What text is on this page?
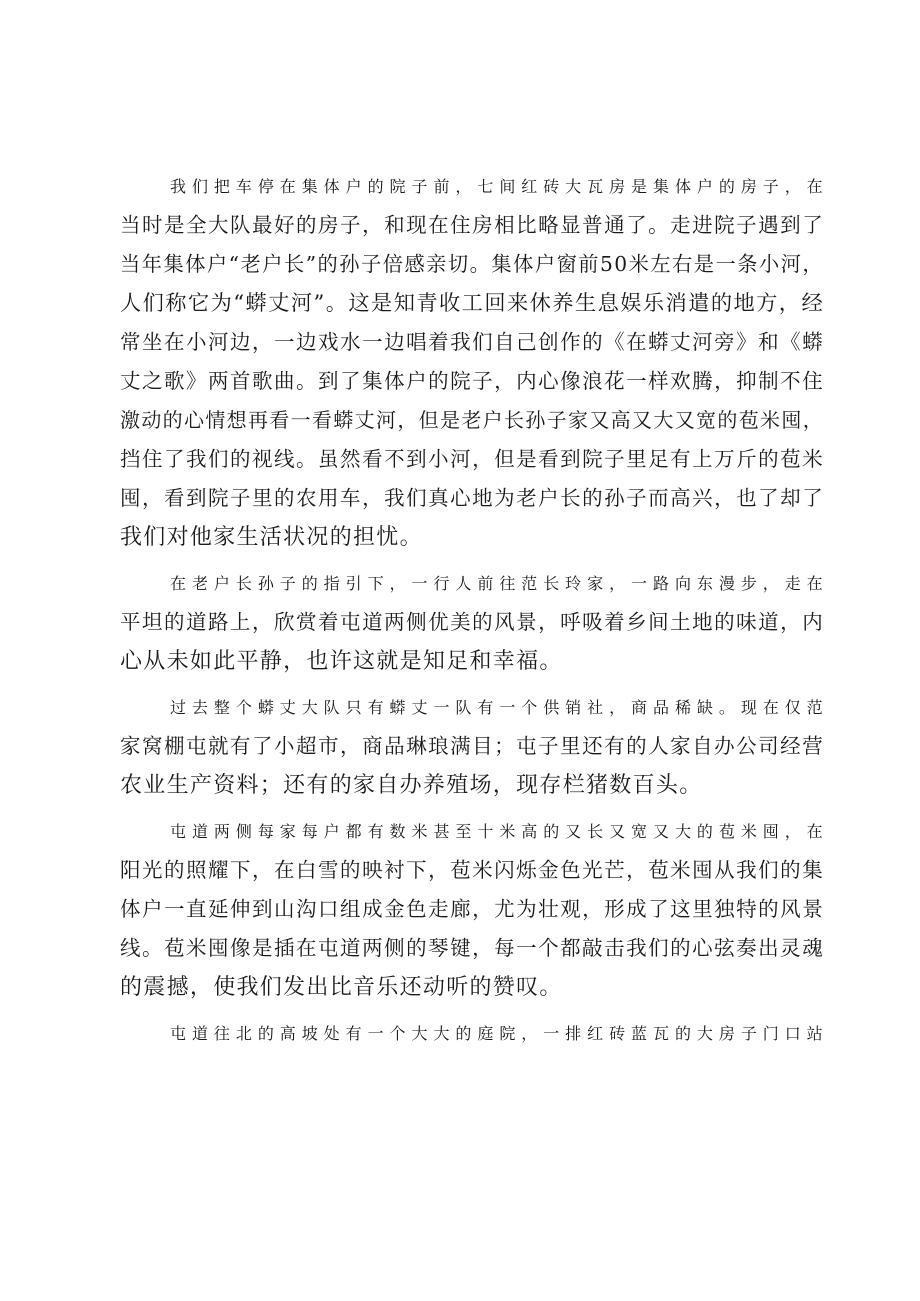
我们把车停在集体户的院子前，七间红砖大瓦房是集体户的房子，在
当时是全大队最好的房子，和现在住房相比略显普通了。走进院子遇到了
当年集体户“老户长”的孙子倍感亲切。集体户窗前50米左右是一条小河，
人们称它为“蟒丈河”。这是知青收工回来休养生息娱乐消遣的地方，经
常坐在小河边，一边戏水一边唱着我们自己创作的《在蟒丈河旁》和《蟒
丈之歌》两首歌曲。到了集体户的院子，内心像浪花一样欢腾，抑制不住
激动的心情想再看一看蟒丈河，但是老户长孙子家又高又大又宽的苞米囤，
挡住了我们的视线。虽然看不到小河，但是看到院子里足有上万斤的苞米
囤，看到院子里的农用车，我们真心地为老户长的孙子而高兴，也了却了
我们对他家生活状况的担忧。

在老户长孙子的指引下，一行人前往范长玲家，一路向东漫步，走在
平坦的道路上，欣赏着屯道两侧优美的风景，呼吸着乡间土地的味道，内
心从未如此平静，也许这就是知足和幸福。

过去整个蟒丈大队只有蟒丈一队有一个供销社，商品稀缺。现在仅范
家窝棚屯就有了小超市，商品琳琅满目；屯子里还有的人家自办公司经营
农业生产资料；还有的家自办养殖场，现存栏猪数百头。

屯道两侧每家每户都有数米甚至十米高的又长又宽又大的苞米囤，在
阳光的照耀下，在白雪的映衬下，苞米闪烁金色光芒，苞米囤从我们的集
体户一直延伸到山沟口组成金色走廊，尤为壮观，形成了这里独特的风景
线。苞米囤像是插在屯道两侧的琴键，每一个都敲击我们的心弦奏出灵魂
的震撼，使我们发出比音乐还动听的赞叹。

屯道往北的高坡处有一个大大的庭院，一排红砖蓝瓦的大房子门口站
